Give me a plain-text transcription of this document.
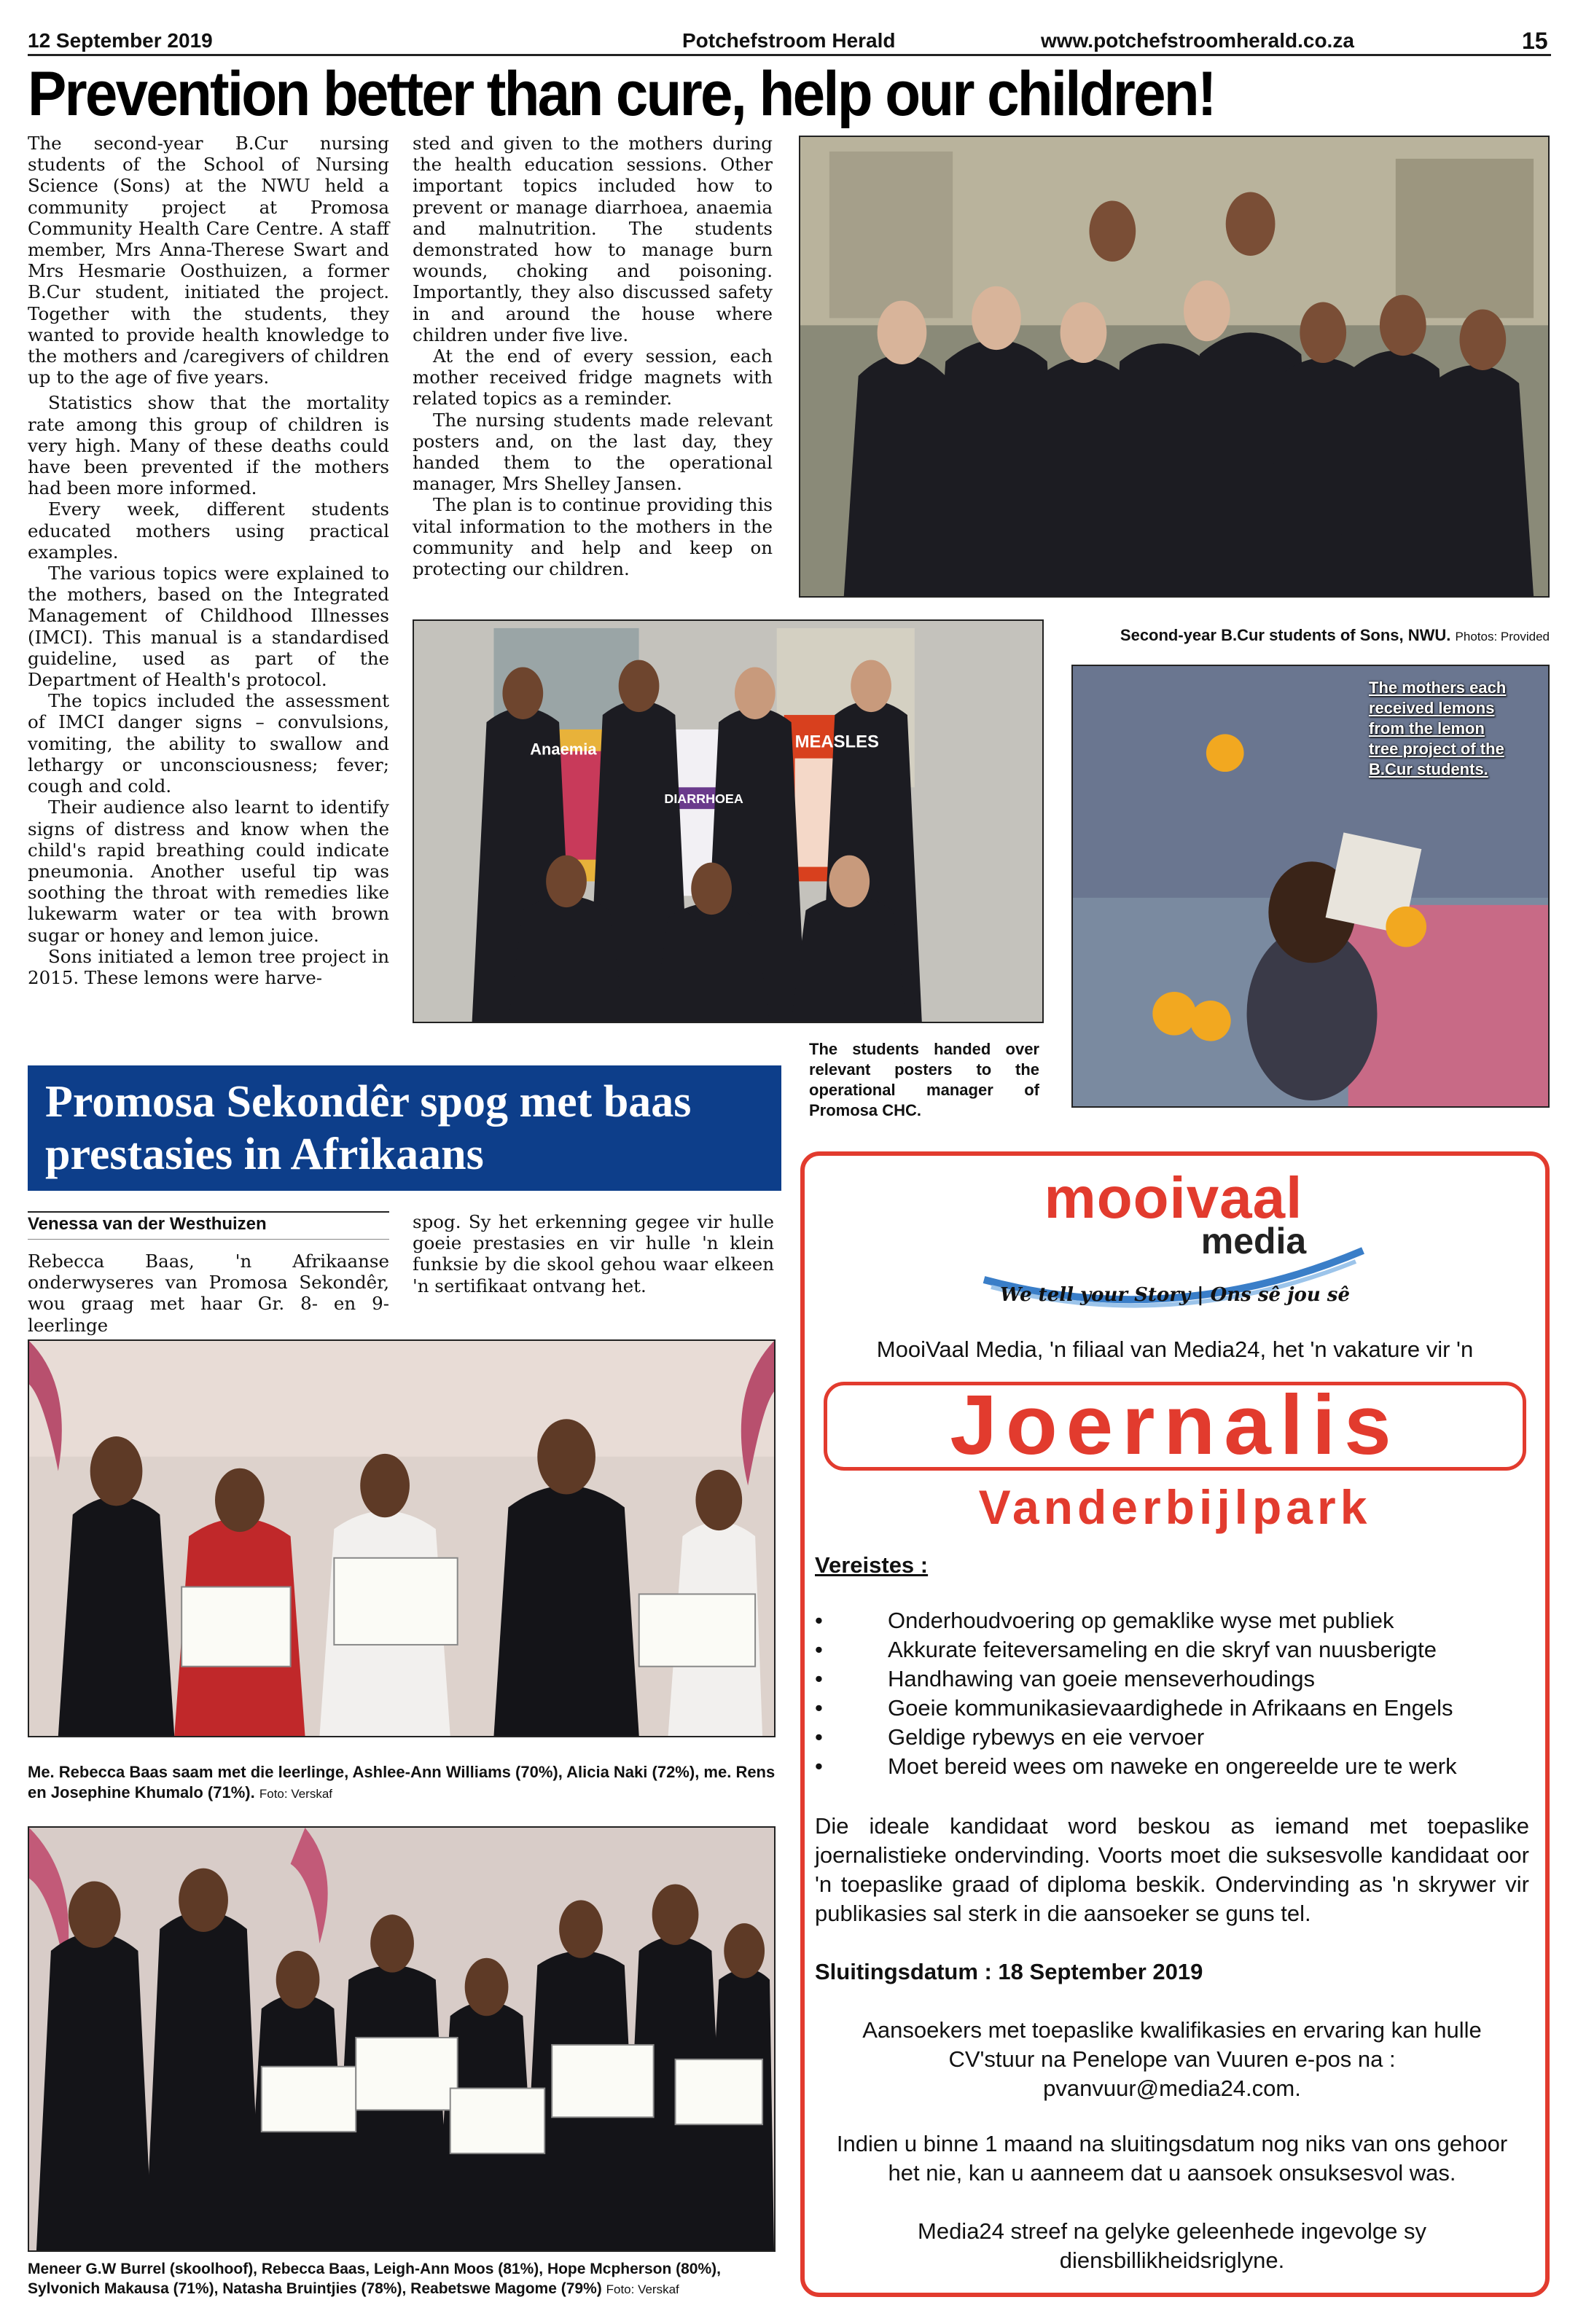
12 September 2019	Potchefstroom Herald	www.potchefstroomherald.co.za	15
Prevention better than cure, help our children!

The second-year B.Cur nursing students of the School of Nursing Science (Sons) at the NWU held a community project at Promosa Community Health Care Centre. A staff member, Mrs Anna-Therese Swart and Mrs Hesmarie Oosthuizen, a former B.Cur student, initiated the project. Together with the students, they wanted to provide health knowledge to the mothers and /caregivers of children up to the age of five years.

Statistics show that the mortality rate among this group of children is very high. Many of these deaths could have been prevented if the mothers had been more informed.

Every week, different students educated mothers using practical examples.

The various topics were explained to the mothers, based on the Integrated Management of Childhood Illnesses (IMCI). This manual is a standardised guideline, used as part of the Department of Health's protocol.

The topics included the assessment of IMCI danger signs – convulsions, vomiting, the ability to swallow and lethargy or unconsciousness; fever; cough and cold.

Their audience also learnt to identify signs of distress and know when the child's rapid breathing could indicate pneumonia. Another useful tip was soothing the throat with remedies like lukewarm water or tea with brown sugar or honey and lemon juice.

Sons initiated a lemon tree project in 2015. These lemons were harve-

sted and given to the mothers during the health education sessions. Other important topics included how to prevent or manage diarrhoea, anaemia and malnutrition. The students demonstrated how to manage burn wounds, choking and poisoning. Importantly, they also discussed safety in and around the house where children under five live.

At the end of every session, each mother received fridge magnets with related topics as a reminder.

The nursing students made relevant posters and, on the last day, they handed them to the operational manager, Mrs Shelley Jansen.

The plan is to continue providing this vital information to the mothers in the community and help and keep on protecting our children.

Second-year B.Cur students of Sons, NWU. Photos: Provided
Anaemia
DIARRHOEA
MEASLES
The students handed over relevant posters to the operational manager of Promosa CHC.
The mothers each received lemons from the lemon tree project of the B.Cur students.
Promosa Sekondêr spog met baas prestasies in Afrikaans
Venessa van der Westhuizen

Rebecca Baas, 'n Afrikaanse onderwyseres van Promosa Sekondêr, wou graag met haar Gr. 8- en 9-leerlinge

spog. Sy het erkenning gegee vir hulle goeie prestasies en vir hulle 'n klein funksie by die skool gehou waar elkeen 'n sertifikaat ontvang het.

Me. Rebecca Baas saam met die leerlinge, Ashlee-Ann Williams (70%), Alicia Naki (72%), me. Rens en Josephine Khumalo (71%). Foto: Verskaf
Meneer G.W Burrel (skoolhoof), Rebecca Baas, Leigh-Ann Moos (81%), Hope Mcpherson (80%), Sylvonich Makausa (71%), Natasha Bruintjies (78%), Reabetswe Magome (79%) Foto: Verskaf
mooivaal
media
We tell your Story | Ons sê jou sê
MooiVaal Media, 'n filiaal van Media24, het 'n vakature vir 'n
Joernalis
Vanderbijlpark
Vereistes :
• Onderhoudvoering op gemaklike wyse met publiek
• Akkurate feiteversameling en die skryf van nuusberigte
• Handhawing van goeie menseverhoudings
• Goeie kommunikasievaardighede in Afrikaans en Engels
• Geldige rybewys en eie vervoer
• Moet bereid wees om naweke en ongereelde ure te werk
Die ideale kandidaat word beskou as iemand met toepaslike joernalistieke ondervinding. Voorts moet die suksesvolle kandidaat oor 'n toepaslike graad of diploma beskik. Ondervinding as 'n skrywer vir publikasies sal sterk in die aansoeker se guns tel.
Sluitingsdatum : 18 September 2019
Aansoekers met toepaslike kwalifikasies en ervaring kan hulle CV'stuur na Penelope van Vuuren e-pos na : pvanvuur@media24.com.
Indien u binne 1 maand na sluitingsdatum nog niks van ons gehoor het nie, kan u aanneem dat u aansoek onsuksesvol was.
Media24 streef na gelyke geleenhede ingevolge sy diensbillikheidsriglyne.
